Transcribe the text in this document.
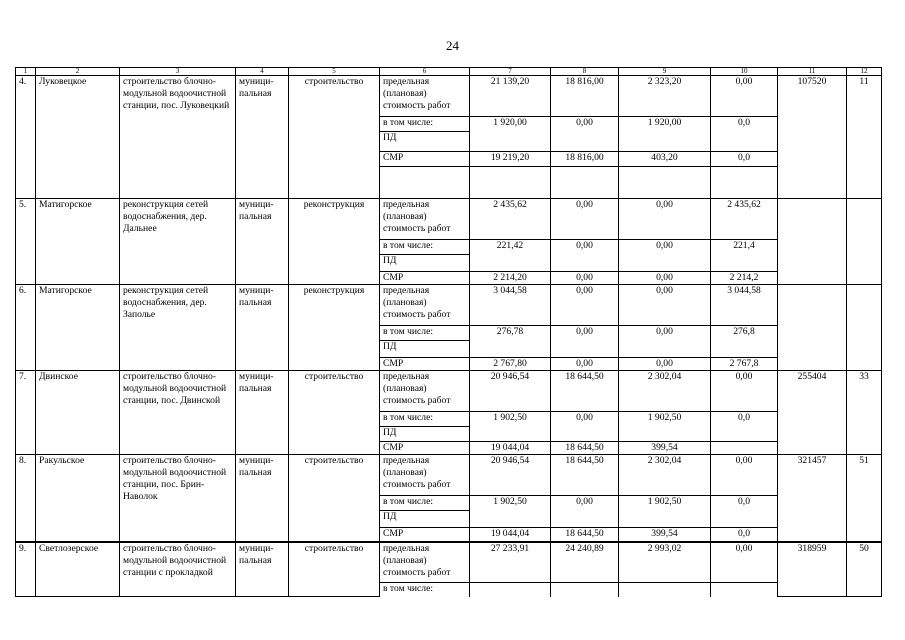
24
1	2	3	4	5	6	7	8	9	10	11	12
4.	Луковецкое	строительство блочно-модульной водоочистной станции, пос. Луковецкий	муници-пальная	строительство	предельная (плановая) стоимость работ	21 139,20	18 816,00	2 323,20	0,00	107520	11
					в том числе:	1 920,00	0,00	1 920,00	0,0		
					ПД						
					СМР	19 219,20	18 816,00	403,20	0,0		

5.	Матигорское	реконструкция сетей водоснабжения, дер. Дальнее	муници-пальная	реконструкция	предельная (плановая) стоимость работ	2 435,62	0,00	0,00	2 435,62		
					в том числе:	221,42	0,00	0,00	221,4		
					ПД						
					СМР	2 214,20	0,00	0,00	2 214,2		
6.	Матигорское	реконструкция сетей водоснабжения, дер. Заполье	муници-пальная	реконструкция	предельная (плановая) стоимость работ	3 044,58	0,00	0,00	3 044,58		
					в том числе:	276,78	0,00	0,00	276,8		
					ПД						
					СМР	2 767,80	0,00	0,00	2 767,8		
7.	Двинское	строительство блочно-модульной водоочистной станции, пос. Двинской	муници-пальная	строительство	предельная (плановая) стоимость работ	20 946,54	18 644,50	2 302,04	0,00	255404	33
					в том числе:	1 902,50	0,00	1 902,50	0,0		
					ПД						
					СМР	19 044,04	18 644,50	399,54			
8.	Ракульское	строительство блочно-модульной водоочистной станции, пос. Брин-Наволок	муници-пальная	строительство	предельная (плановая) стоимость работ	20 946,54	18 644,50	2 302,04	0,00	321457	51
					в том числе:	1 902,50	0,00	1 902,50	0,0		
					ПД						
					СМР	19 044,04	18 644,50	399,54	0,0		
9.	Светлозерское	строительство блочно-модульной водоочистной станции с прокладкой	муници-пальная	строительство	предельная (плановая) стоимость работ	27 233,91	24 240,89	2 993,02	0,00	318959	50
					в том числе:						
